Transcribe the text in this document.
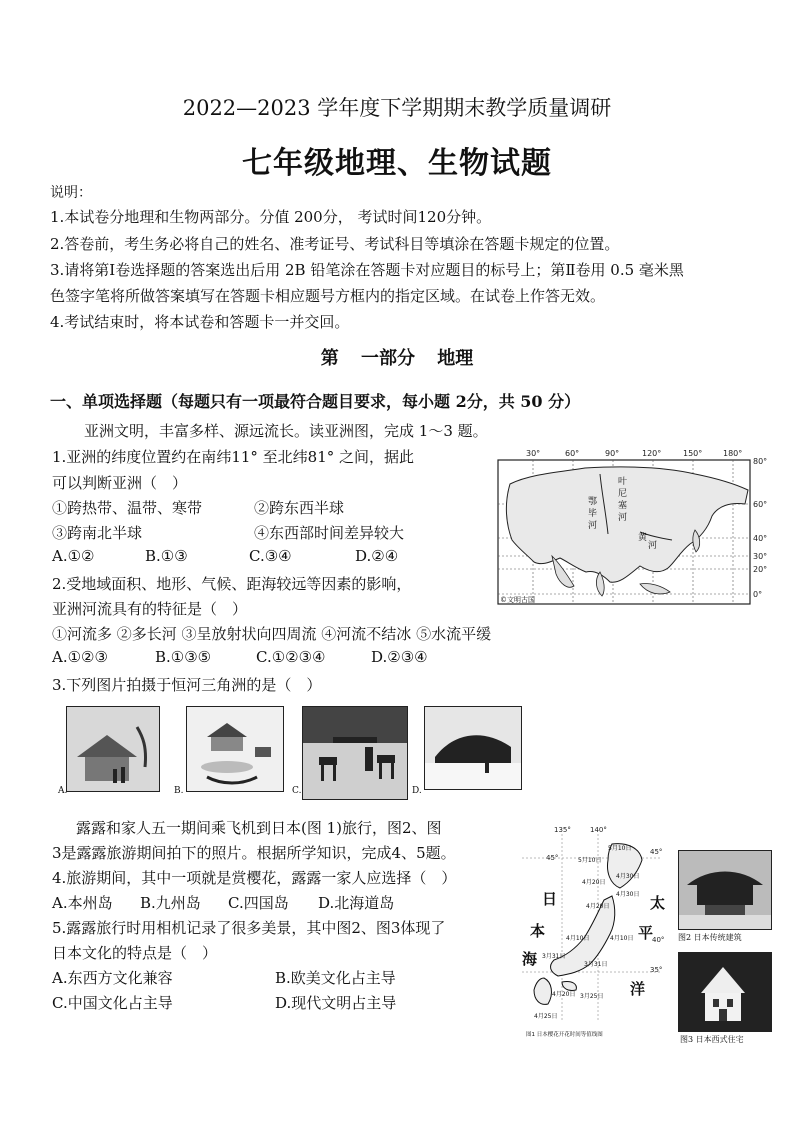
2022—2023 学年度下学期期末教学质量调研
七年级地理、生物试题
说明：
1.本试卷分地理和生物两部分。分值 200分， 考试时间120分钟。
2.答卷前，考生务必将自己的姓名、准考证号、考试科目等填涂在答题卡规定的位置。
3.请将第Ⅰ卷选择题的答案选出后用 2B 铅笔涂在答题卡对应题目的标号上；第Ⅱ卷用 0.5 毫米黑
色签字笔将所做答案填写在答题卡相应题号方框内的指定区域。在试卷上作答无效。
4.考试结束时，将本试卷和答题卡一并交回。
第 一部分 地理
一、单项选择题（每题只有一项最符合题目要求，每小题 2分，共 50 分）
亚洲文明，丰富多样、源远流长。读亚洲图，完成 1～3 题。
1.亚洲的纬度位置约在南纬11° 至北纬81° 之间，据此
可以判断亚洲（　）
①跨热带、温带、寒带	②跨东西半球
③跨南北半球	④东西部时间差异较大
A.①②	B.①③	C.③④	D.②④
2.受地域面积、地形、气候、距海较远等因素的影响，
亚洲河流具有的特征是（　）
①河流多 ②多长河 ③呈放射状向四周流 ④河流不结冰 ⑤水流平缓
A.①②③	B.①③⑤	C.①②③④	D.②③④
3.下列图片拍摄于恒河三角洲的是（　）
30°	60°	90°	120°	150°	180°
80°
60°
40°
30°
20°
0°
叶
尼
塞
河
鄂
毕
河
黄
河
©文明古国
A.	B.	C.	D.
露露和家人五一期间乘飞机到日本(图 1)旅行，图2、图
3是露露旅游期间拍下的照片。根据所学知识，完成4、5题。
4.旅游期间，其中一项就是赏樱花，露露一家人应选择（　）
A.本州岛 B.九州岛 C.四国岛 D.北海道岛
5.露露旅行时用相机记录了很多美景，其中图2、图3体现了
日本文化的特点是（　）
A.东西方文化兼容	B.欧美文化占主导
C.中国文化占主导	D.现代文明占主导
135°	140°
45°
45°
40°
35°
5月10日
5月10日
4月30日
4月20日
4月30日
4月20日
4月10日	4月10日
3月31日
3月31日
4月20日 3月25日
4月25日
日
本
海
太
平
洋
图1 日本樱花开花时间等值线图
图2 日本传统建筑
图3 日本西式住宅
